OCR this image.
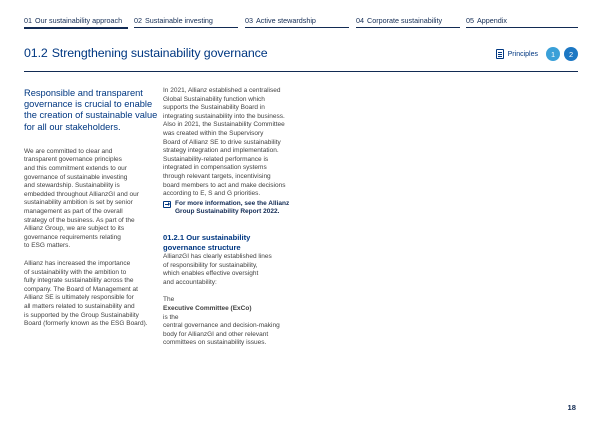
01 Our sustainability approach 02 Sustainable investing	03 Active stewardship	04 Corporate sustainability	05 Appendix
01.2 Strengthening sustainability governance	Principles	1	2
Responsible and transparent
governance is crucial to enable
the creation of sustainable value
for all our stakeholders.
We are committed to clear and
transparent governance principles
and this commitment extends to our
governance of sustainable investing
and stewardship. Sustainability is
embedded throughout AllianzGI and our
sustainability ambition is set by senior
management as part of the overall
strategy of the business. As part of the
Allianz Group, we are subject to its
governance requirements relating
to ESG matters.
Allianz has increased the importance
of sustainability with the ambition to
fully integrate sustainability across the
company. The Board of Management at
Allianz SE is ultimately responsible for
all matters related to sustainability and
is supported by the Group Sustainability
Board (formerly known as the ESG Board).
In 2021, Allianz established a centralised
Global Sustainability function which
supports the Sustainability Board in
integrating sustainability into the business.
Also in 2021, the Sustainability Committee
was created within the Supervisory
Board of Allianz SE to drive sustainability
strategy integration and implementation.
Sustainability-related performance is
integrated in compensation systems
through relevant targets, incentivising
board members to act and make decisions
according to E, S and G priorities.
For more information, see the Allianz
Group Sustainability Report 2022.
01.2.1 Our sustainability
governance structure
AllianzGI has clearly established lines
of responsibility for sustainability,
which enables effective oversight
and accountability:
The
Executive Committee (ExCo)
is the
central governance and decision-making
body for AllianzGI and other relevant
committees on sustainability issues.
18
